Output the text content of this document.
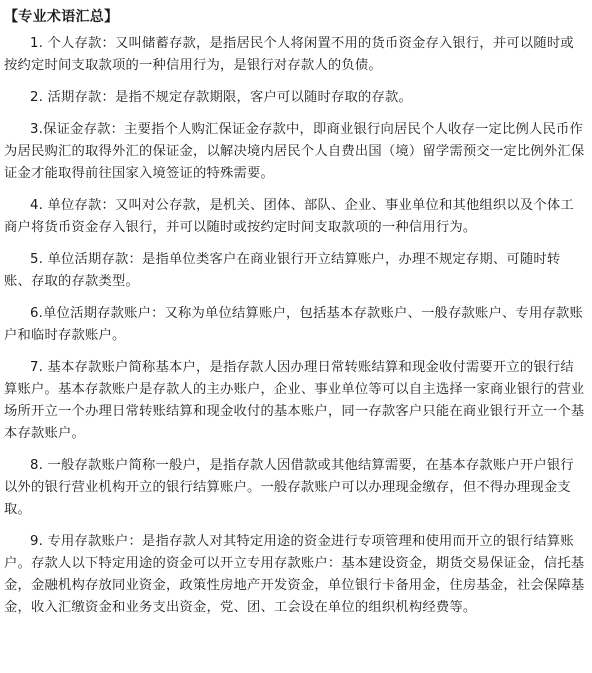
【专业术语汇总】

1. 个人存款：又叫储蓄存款，是指居民个人将闲置不用的货币资金存入银行，并可以随时或按约定时间支取款项的一种信用行为，是银行对存款人的负债。

2. 活期存款：是指不规定存款期限，客户可以随时存取的存款。

3.保证金存款：主要指个人购汇保证金存款中，即商业银行向居民个人收存一定比例人民币作为居民购汇的取得外汇的保证金，以解决境内居民个人自费出国（境）留学需预交一定比例外汇保证金才能取得前往国家入境签证的特殊需要。

4. 单位存款：又叫对公存款，是机关、团体、部队、企业、事业单位和其他组织以及个体工商户将货币资金存入银行，并可以随时或按约定时间支取款项的一种信用行为。

5. 单位活期存款：是指单位类客户在商业银行开立结算账户，办理不规定存期、可随时转账、存取的存款类型。

6.单位活期存款账户：又称为单位结算账户，包括基本存款账户、一般存款账户、专用存款账户和临时存款账户。

7. 基本存款账户简称基本户，是指存款人因办理日常转账结算和现金收付需要开立的银行结算账户。基本存款账户是存款人的主办账户，企业、事业单位等可以自主选择一家商业银行的营业场所开立一个办理日常转账结算和现金收付的基本账户，同一存款客户只能在商业银行开立一个基本存款账户。

8. 一般存款账户简称一般户，是指存款人因借款或其他结算需要，在基本存款账户开户银行以外的银行营业机构开立的银行结算账户。一般存款账户可以办理现金缴存，但不得办理现金支取。

9. 专用存款账户：是指存款人对其特定用途的资金进行专项管理和使用而开立的银行结算账户。存款人以下特定用途的资金可以开立专用存款账户：基本建设资金，期货交易保证金，信托基金，金融机构存放同业资金，政策性房地产开发资金，单位银行卡备用金，住房基金，社会保障基金，收入汇缴资金和业务支出资金，党、团、工会设在单位的组织机构经费等。
